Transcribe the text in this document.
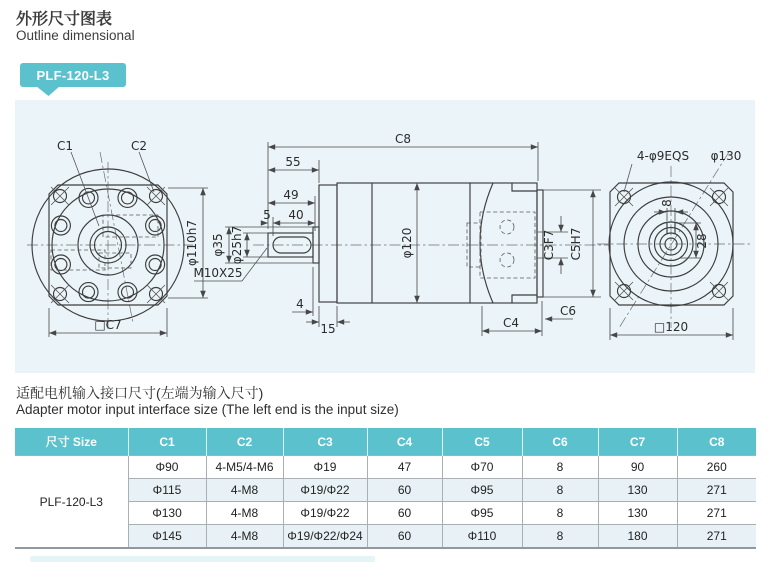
外形尺寸图表
Outline dimensional
PLF-120-L3
C1	C2
□C7
φ110h7
C8
55
49
5 40
φ35 φ25h7
M10X25
φ120
4
15
C3F7 C5H7
C4
C6
8
28
4-φ9EQS φ130
□120
适配电机输入接口尺寸(左端为输入尺寸)
Adapter motor input interface size (The left end is the input size)
尺寸 Size	C1	C2	C3	C4	C5	C6	C7	C8
PLF-120-L3	Φ90	4-M5/4-M6	Φ19	47	Φ70	8	90	260
	Φ115	4-M8	Φ19/Φ22	60	Φ95	8	130	271
	Φ130	4-M8	Φ19/Φ22	60	Φ95	8	130	271
	Φ145	4-M8	Φ19/Φ22/Φ24	60	Φ110	8	180	271
